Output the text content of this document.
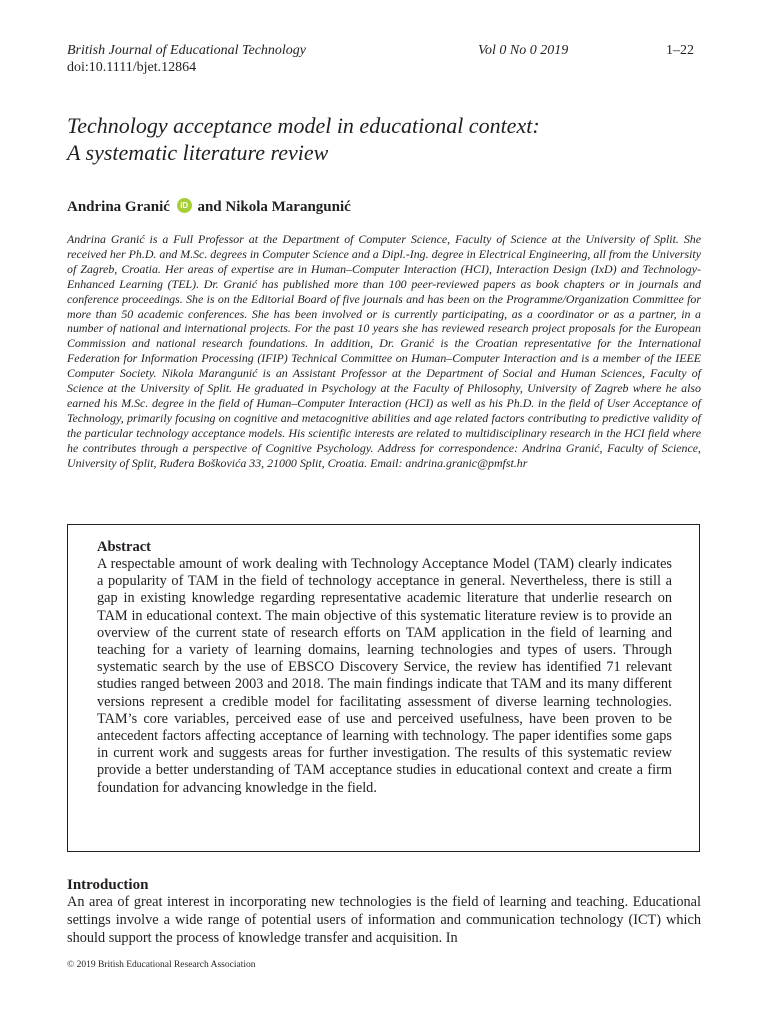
British Journal of Educational Technology	Vol 0 No 0 2019	1–22
doi:10.1111/bjet.12864
Technology acceptance model in educational context:
A systematic literature review
Andrina Granić iD and Nikola Marangunić
Andrina Granić is a Full Professor at the Department of Computer Science, Faculty of Science at the University of Split. She received her Ph.D. and M.Sc. degrees in Computer Science and a Dipl.-Ing. degree in Electrical Engineering, all from the University of Zagreb, Croatia. Her areas of expertise are in Human–Computer Interaction (HCI), Interaction Design (IxD) and Technology-Enhanced Learning (TEL). Dr. Granić has published more than 100 peer-reviewed papers as book chapters or in journals and conference proceedings. She is on the Editorial Board of five journals and has been on the Programme/Organization Committee for more than 50 academic conferences. She has been involved or is currently participating, as a coordinator or as a partner, in a number of national and international projects. For the past 10 years she has reviewed research project proposals for the European Commission and national research foundations. In addition, Dr. Granić is the Croatian representative for the International Federation for Information Processing (IFIP) Technical Committee on Human–Computer Interaction and is a member of the IEEE Computer Society. Nikola Marangunić is an Assistant Professor at the Department of Social and Human Sciences, Faculty of Science at the University of Split. He graduated in Psychology at the Faculty of Philosophy, University of Zagreb where he also earned his M.Sc. degree in the field of Human–Computer Interaction (HCI) as well as his Ph.D. in the field of User Acceptance of Technology, primarily focusing on cognitive and metacognitive abilities and age related factors contributing to predictive validity of the particular technology acceptance models. His scientific interests are related to multidisciplinary research in the HCI field where he contributes through a perspective of Cognitive Psychology. Address for correspondence: Andrina Granić, Faculty of Science, University of Split, Ruđera Boškovića 33, 21000 Split, Croatia. Email: andrina.granic@pmfst.hr
Abstract
A respectable amount of work dealing with Technology Acceptance Model (TAM) clearly indicates a popularity of TAM in the field of technology acceptance in general. Nevertheless, there is still a gap in existing knowledge regarding representative academic literature that underlie research on TAM in educational context. The main objective of this systematic literature review is to provide an overview of the current state of research efforts on TAM application in the field of learning and teaching for a variety of learning domains, learning technologies and types of users. Through systematic search by the use of EBSCO Discovery Service, the review has identified 71 relevant studies ranged between 2003 and 2018. The main findings indicate that TAM and its many different versions represent a credible model for facilitating assessment of diverse learning technologies. TAM’s core variables, perceived ease of use and perceived usefulness, have been proven to be antecedent factors affecting acceptance of learning with technology. The paper identifies some gaps in current work and suggests areas for further investigation. The results of this systematic review provide a better understanding of TAM acceptance studies in educational context and create a firm foundation for advancing knowledge in the field.
Introduction
An area of great interest in incorporating new technologies is the field of learning and teaching. Educational settings involve a wide range of potential users of information and communication technology (ICT) which should support the process of knowledge transfer and acquisition. In
© 2019 British Educational Research Association
